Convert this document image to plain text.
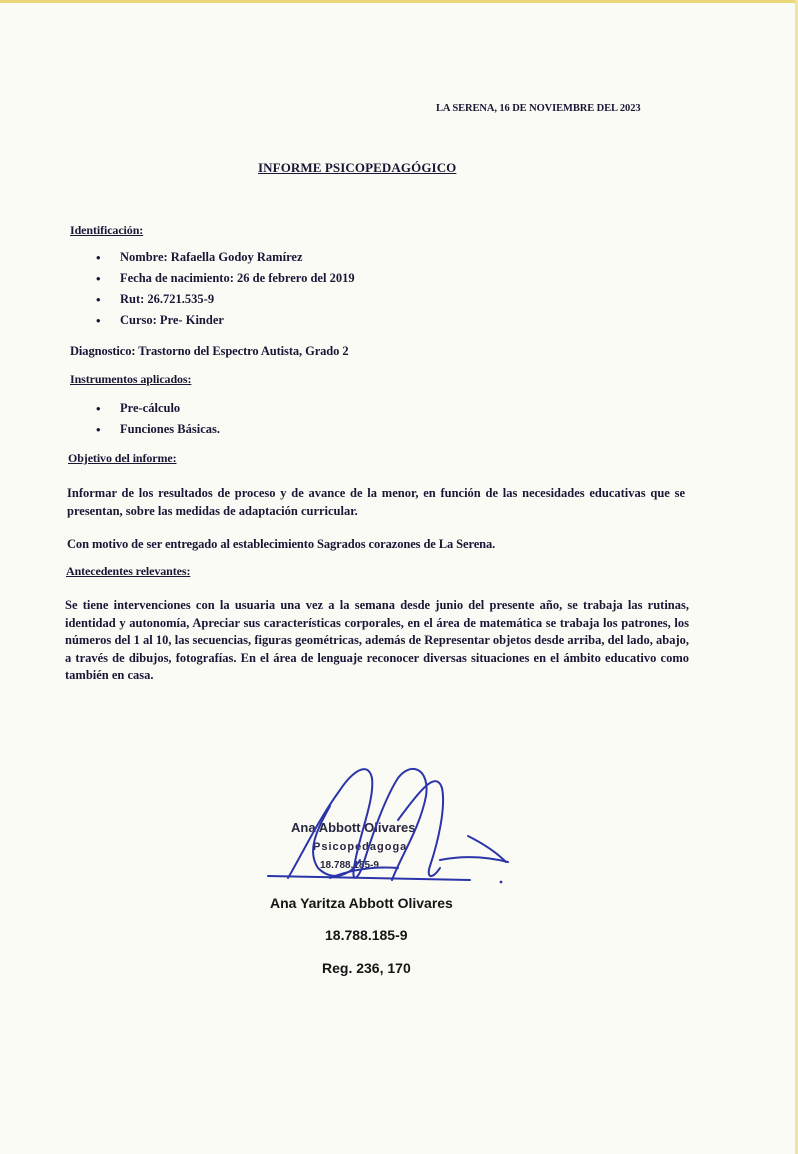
LA SERENA, 16 DE NOVIEMBRE DEL 2023
INFORME PSICOPEDAGÓGICO
Identificación:
• Nombre: Rafaella Godoy Ramírez
• Fecha de nacimiento: 26 de febrero del 2019
• Rut: 26.721.535-9
• Curso: Pre- Kinder
Diagnostico: Trastorno del Espectro Autista, Grado 2
Instrumentos aplicados:
• Pre-cálculo
• Funciones Básicas.
Objetivo del informe:
Informar de los resultados de proceso y de avance de la menor, en función de las necesidades educativas que se presentan, sobre las medidas de adaptación curricular.
Con motivo de ser entregado al establecimiento Sagrados corazones de La Serena.
Antecedentes relevantes:
Se tiene intervenciones con la usuaria una vez a la semana desde junio del presente año, se trabaja las rutinas, identidad y autonomía, Apreciar sus características corporales, en el área de matemática se trabaja los patrones, los números del 1 al 10, las secuencias, figuras geométricas, además de Representar objetos desde arriba, del lado, abajo, a través de dibujos, fotografías. En el área de lenguaje reconocer diversas situaciones en el ámbito educativo como también en casa.
Ana Abbott Olivares
Psicopedagoga
18.788.185-9
Ana Yaritza Abbott Olivares
18.788.185-9
Reg. 236, 170
